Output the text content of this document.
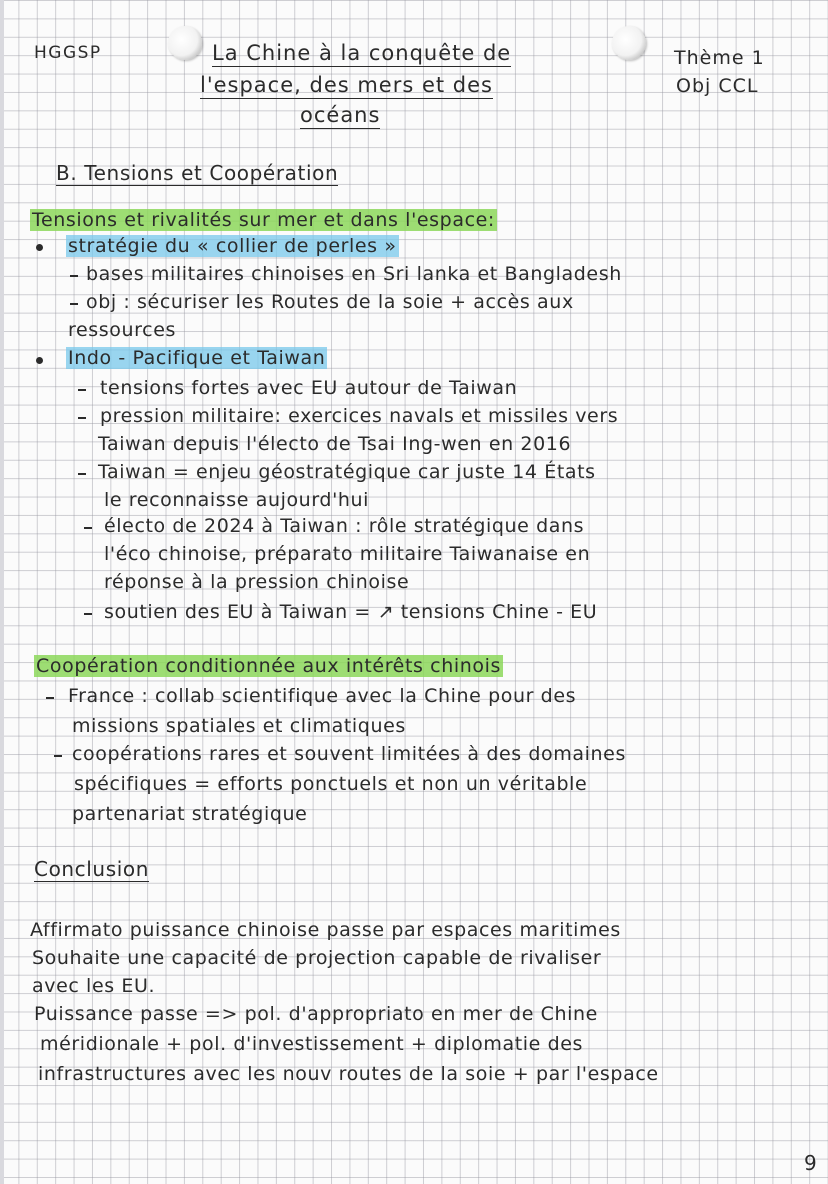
HGGSP	La Chine à la conquête de
l'espace, des mers et des
océans
Thème 1
Obj CCL
B. Tensions et Coopération
Tensions et rivalités sur mer et dans l'espace:
stratégie du « collier de perles »
bases militaires chinoises en Sri lanka et Bangladesh
obj : sécuriser les Routes de la soie + accès aux
ressources
Indo - Pacifique et Taiwan
tensions fortes avec EU autour de Taiwan
pression militaire: exercices navals et missiles vers
Taiwan depuis l'électo de Tsai Ing-wen en 2016
Taiwan = enjeu géostratégique car juste 14 États
le reconnaisse aujourd'hui
électo de 2024 à Taiwan : rôle stratégique dans
l'éco chinoise, préparato militaire Taiwanaise en
réponse à la pression chinoise
soutien des EU à Taiwan = ↗ tensions Chine - EU
Coopération conditionnée aux intérêts chinois
France : collab scientifique avec la Chine pour des
missions spatiales et climatiques
coopérations rares et souvent limitées à des domaines
spécifiques = efforts ponctuels et non un véritable
partenariat stratégique
Conclusion
Affirmato puissance chinoise passe par espaces maritimes
Souhaite une capacité de projection capable de rivaliser
avec les EU.
Puissance passe => pol. d'appropriato en mer de Chine
méridionale + pol. d'investissement + diplomatie des
infrastructures avec les nouv routes de la soie + par l'espace
9
